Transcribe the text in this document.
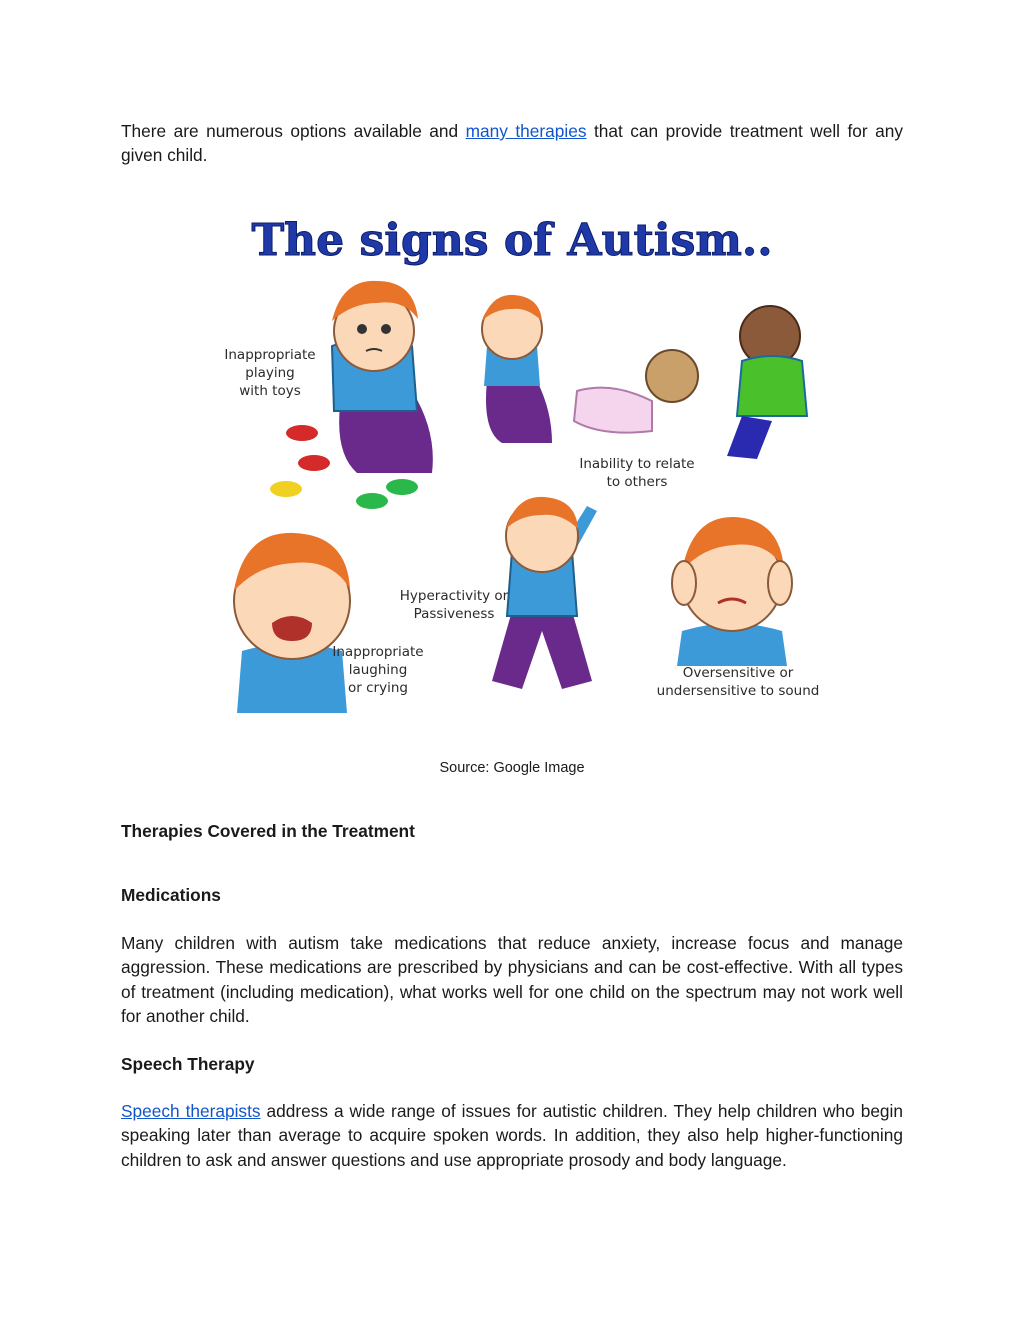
There are numerous options available and many therapies that can provide treatment well for any given child.

The signs of Autism..
Inappropriate
playing
with toys
Inability to relate
to others
Inappropriate
laughing
or crying
Hyperactivity or
Passiveness
Oversensitive or
undersensitive to sound
Source: Google Image
Therapies Covered in the Treatment
Medications

Many children with autism take medications that reduce anxiety, increase focus and manage aggression. These medications are prescribed by physicians and can be cost-effective. With all types of treatment (including medication), what works well for one child on the spectrum may not work well for another child.

Speech Therapy

Speech therapists address a wide range of issues for autistic children. They help children who begin speaking later than average to acquire spoken words. In addition, they also help higher-functioning children to ask and answer questions and use appropriate prosody and body language.
